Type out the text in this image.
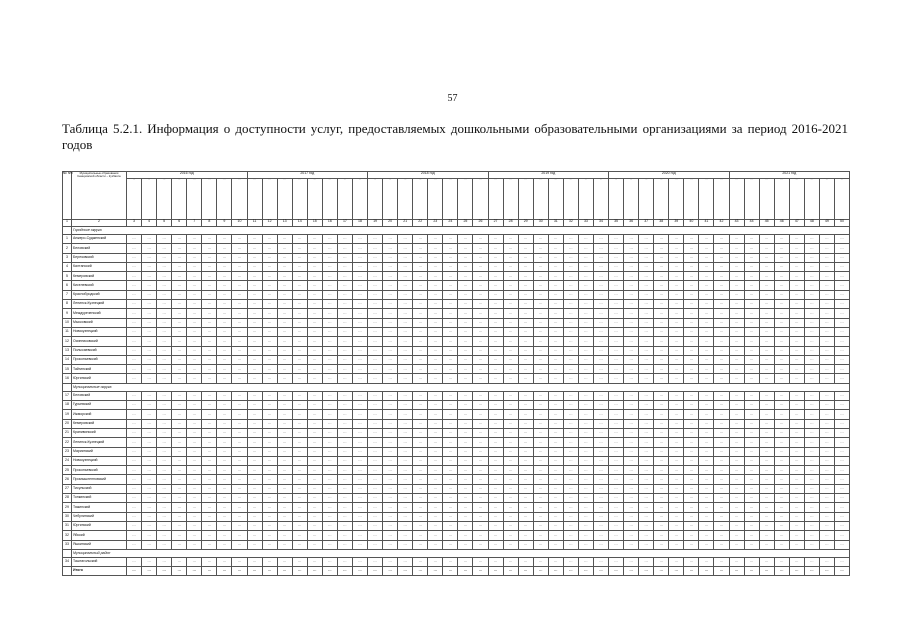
57
Таблица 5.2.1. Информация о доступности услуг, предоставляемых дошкольными образовательными организациями за период 2016-2021 годов
№ п/п	Муниципальные образования Кемеровской области – Кузбасса	2016 год								2017 год								2018 год								2019 год								2020 год								2021 год							
		…	…	…	…	…	…	…	…	…	…	…	…	…	…	…	…	…	…	…	…	…	…	…	…	…	…	…	…	…	…	…	…	…	…	…	…	…	…	…	…	…	…	…	…	…	…	…	…
1	2	3	4	5	6	7	8	9	10	11	12	13	14	15	16	17	18	19	20	21	22	23	24	25	26	27	28	29	30	31	32	33	34	35	36	37	38	39	40	41	42	43	44	45	46	47	48	49	50
	Городские округа																																																
1	Анжеро-Судженский	…	…	…	…	…	…	…	…	…	…	…	…	…	…	…	…	…	…	…	…	…	…	…	…	…	…	…	…	…	…	…	…	…	…	…	…	…	…	…	…	…	…	…	…	…	…	…	…
2	Беловский	…	…	…	…	…	…	…	…	…	…	…	…	…	…	…	…	…	…	…	…	…	…	…	…	…	…	…	…	…	…	…	…	…	…	…	…	…	…	…	…	…	…	…	…	…	…	…	…
3	Березовский	…	…	…	…	…	…	…	…	…	…	…	…	…	…	…	…	…	…	…	…	…	…	…	…	…	…	…	…	…	…	…	…	…	…	…	…	…	…	…	…	…	…	…	…	…	…	…	…
4	Калтанский	…	…	…	…	…	…	…	…	…	…	…	…	…	…	…	…	…	…	…	…	…	…	…	…	…	…	…	…	…	…	…	…	…	…	…	…	…	…	…	…	…	…	…	…	…	…	…	…
5	Кемеровский	…	…	…	…	…	…	…	…	…	…	…	…	…	…	…	…	…	…	…	…	…	…	…	…	…	…	…	…	…	…	…	…	…	…	…	…	…	…	…	…	…	…	…	…	…	…	…	…
6	Киселевский	…	…	…	…	…	…	…	…	…	…	…	…	…	…	…	…	…	…	…	…	…	…	…	…	…	…	…	…	…	…	…	…	…	…	…	…	…	…	…	…	…	…	…	…	…	…	…	…
7	Краснобродский	…	…	…	…	…	…	…	…	…	…	…	…	…	…	…	…	…	…	…	…	…	…	…	…	…	…	…	…	…	…	…	…	…	…	…	…	…	…	…	…	…	…	…	…	…	…	…	…
8	Ленинск-Кузнецкий	…	…	…	…	…	…	…	…	…	…	…	…	…	…	…	…	…	…	…	…	…	…	…	…	…	…	…	…	…	…	…	…	…	…	…	…	…	…	…	…	…	…	…	…	…	…	…	…
9	Междуреченский	…	…	…	…	…	…	…	…	…	…	…	…	…	…	…	…	…	…	…	…	…	…	…	…	…	…	…	…	…	…	…	…	…	…	…	…	…	…	…	…	…	…	…	…	…	…	…	…
10	Мысковский	…	…	…	…	…	…	…	…	…	…	…	…	…	…	…	…	…	…	…	…	…	…	…	…	…	…	…	…	…	…	…	…	…	…	…	…	…	…	…	…	…	…	…	…	…	…	…	…
11	Новокузнецкий	…	…	…	…	…	…	…	…	…	…	…	…	…	…	…	…	…	…	…	…	…	…	…	…	…	…	…	…	…	…	…	…	…	…	…	…	…	…	…	…	…	…	…	…	…	…	…	…
12	Осинниковский	…	…	…	…	…	…	…	…	…	…	…	…	…	…	…	…	…	…	…	…	…	…	…	…	…	…	…	…	…	…	…	…	…	…	…	…	…	…	…	…	…	…	…	…	…	…	…	…
13	Полысаевский	…	…	…	…	…	…	…	…	…	…	…	…	…	…	…	…	…	…	…	…	…	…	…	…	…	…	…	…	…	…	…	…	…	…	…	…	…	…	…	…	…	…	…	…	…	…	…	…
14	Прокопьевский	…	…	…	…	…	…	…	…	…	…	…	…	…	…	…	…	…	…	…	…	…	…	…	…	…	…	…	…	…	…	…	…	…	…	…	…	…	…	…	…	…	…	…	…	…	…	…	…
15	Тайгинский	…	…	…	…	…	…	…	…	…	…	…	…	…	…	…	…	…	…	…	…	…	…	…	…	…	…	…	…	…	…	…	…	…	…	…	…	…	…	…	…	…	…	…	…	…	…	…	…
16	Юргинский	…	…	…	…	…	…	…	…	…	…	…	…	…	…	…	…	…	…	…	…	…	…	…	…	…	…	…	…	…	…	…	…	…	…	…	…	…	…	…	…	…	…	…	…	…	…	…	…
	Муниципальные округа																																																
17	Беловский	…	…	…	…	…	…	…	…	…	…	…	…	…	…	…	…	…	…	…	…	…	…	…	…	…	…	…	…	…	…	…	…	…	…	…	…	…	…	…	…	…	…	…	…	…	…	…	…
18	Гурьевский	…	…	…	…	…	…	…	…	…	…	…	…	…	…	…	…	…	…	…	…	…	…	…	…	…	…	…	…	…	…	…	…	…	…	…	…	…	…	…	…	…	…	…	…	…	…	…	…
19	Ижморский	…	…	…	…	…	…	…	…	…	…	…	…	…	…	…	…	…	…	…	…	…	…	…	…	…	…	…	…	…	…	…	…	…	…	…	…	…	…	…	…	…	…	…	…	…	…	…	…
20	Кемеровский	…	…	…	…	…	…	…	…	…	…	…	…	…	…	…	…	…	…	…	…	…	…	…	…	…	…	…	…	…	…	…	…	…	…	…	…	…	…	…	…	…	…	…	…	…	…	…	…
21	Крапивинский	…	…	…	…	…	…	…	…	…	…	…	…	…	…	…	…	…	…	…	…	…	…	…	…	…	…	…	…	…	…	…	…	…	…	…	…	…	…	…	…	…	…	…	…	…	…	…	…
22	Ленинск-Кузнецкий	…	…	…	…	…	…	…	…	…	…	…	…	…	…	…	…	…	…	…	…	…	…	…	…	…	…	…	…	…	…	…	…	…	…	…	…	…	…	…	…	…	…	…	…	…	…	…	…
23	Мариинский	…	…	…	…	…	…	…	…	…	…	…	…	…	…	…	…	…	…	…	…	…	…	…	…	…	…	…	…	…	…	…	…	…	…	…	…	…	…	…	…	…	…	…	…	…	…	…	…
24	Новокузнецкий	…	…	…	…	…	…	…	…	…	…	…	…	…	…	…	…	…	…	…	…	…	…	…	…	…	…	…	…	…	…	…	…	…	…	…	…	…	…	…	…	…	…	…	…	…	…	…	…
25	Прокопьевский	…	…	…	…	…	…	…	…	…	…	…	…	…	…	…	…	…	…	…	…	…	…	…	…	…	…	…	…	…	…	…	…	…	…	…	…	…	…	…	…	…	…	…	…	…	…	…	…
26	Промышленновский	…	…	…	…	…	…	…	…	…	…	…	…	…	…	…	…	…	…	…	…	…	…	…	…	…	…	…	…	…	…	…	…	…	…	…	…	…	…	…	…	…	…	…	…	…	…	…	…
27	Тисульский	…	…	…	…	…	…	…	…	…	…	…	…	…	…	…	…	…	…	…	…	…	…	…	…	…	…	…	…	…	…	…	…	…	…	…	…	…	…	…	…	…	…	…	…	…	…	…	…
28	Топкинский	…	…	…	…	…	…	…	…	…	…	…	…	…	…	…	…	…	…	…	…	…	…	…	…	…	…	…	…	…	…	…	…	…	…	…	…	…	…	…	…	…	…	…	…	…	…	…	…
29	Тяжинский	…	…	…	…	…	…	…	…	…	…	…	…	…	…	…	…	…	…	…	…	…	…	…	…	…	…	…	…	…	…	…	…	…	…	…	…	…	…	…	…	…	…	…	…	…	…	…	…
30	Чебулинский	…	…	…	…	…	…	…	…	…	…	…	…	…	…	…	…	…	…	…	…	…	…	…	…	…	…	…	…	…	…	…	…	…	…	…	…	…	…	…	…	…	…	…	…	…	…	…	…
31	Юргинский	…	…	…	…	…	…	…	…	…	…	…	…	…	…	…	…	…	…	…	…	…	…	…	…	…	…	…	…	…	…	…	…	…	…	…	…	…	…	…	…	…	…	…	…	…	…	…	…
32	Яйский	…	…	…	…	…	…	…	…	…	…	…	…	…	…	…	…	…	…	…	…	…	…	…	…	…	…	…	…	…	…	…	…	…	…	…	…	…	…	…	…	…	…	…	…	…	…	…	…
33	Яшкинский	…	…	…	…	…	…	…	…	…	…	…	…	…	…	…	…	…	…	…	…	…	…	…	…	…	…	…	…	…	…	…	…	…	…	…	…	…	…	…	…	…	…	…	…	…	…	…	…
	Муниципальный район																																																
34	Таштагольский	…	…	…	…	…	…	…	…	…	…	…	…	…	…	…	…	…	…	…	…	…	…	…	…	…	…	…	…	…	…	…	…	…	…	…	…	…	…	…	…	…	…	…	…	…	…	…	…
	Итого	…	…	…	…	…	…	…	…	…	…	…	…	…	…	…	…	…	…	…	…	…	…	…	…	…	…	…	…	…	…	…	…	…	…	…	…	…	…	…	…	…	…	…	…	…	…	…	…
